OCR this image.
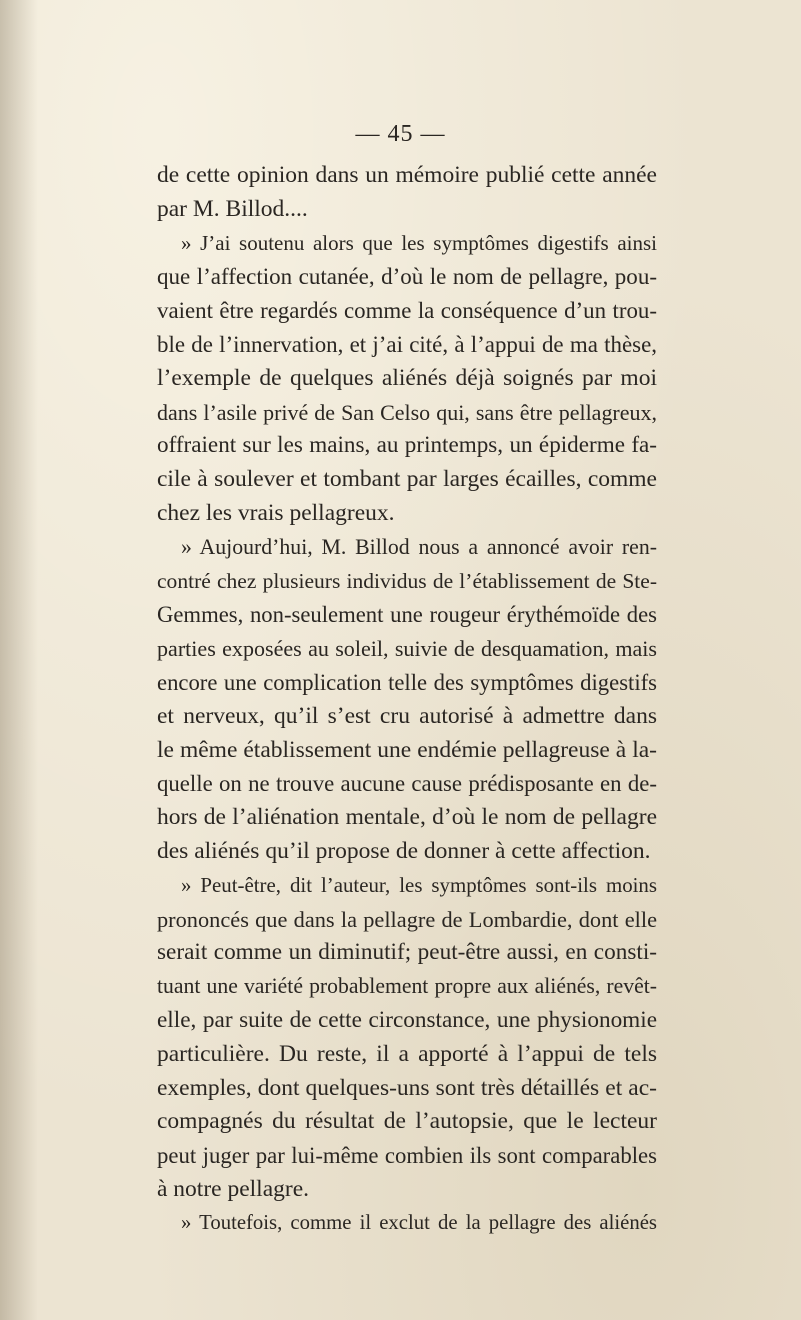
— 45 —
de cette opinion dans un mémoire publié cette année
par M. Billod....
» J’ai soutenu alors que les symptômes digestifs ainsi
que l’affection cutanée, d’où le nom de pellagre, pou-
vaient être regardés comme la conséquence d’un trou-
ble de l’innervation, et j’ai cité, à l’appui de ma thèse,
l’exemple de quelques aliénés déjà soignés par moi
dans l’asile privé de San Celso qui, sans être pellagreux,
offraient sur les mains, au printemps, un épiderme fa-
cile à soulever et tombant par larges écailles, comme
chez les vrais pellagreux.
» Aujourd’hui, M. Billod nous a annoncé avoir ren-
contré chez plusieurs individus de l’établissement de Ste-
Gemmes, non-seulement une rougeur érythémoïde des
parties exposées au soleil, suivie de desquamation, mais
encore une complication telle des symptômes digestifs
et nerveux, qu’il s’est cru autorisé à admettre dans
le même établissement une endémie pellagreuse à la-
quelle on ne trouve aucune cause prédisposante en de-
hors de l’aliénation mentale, d’où le nom de pellagre
des aliénés qu’il propose de donner à cette affection.
» Peut-être, dit l’auteur, les symptômes sont-ils moins
prononcés que dans la pellagre de Lombardie, dont elle
serait comme un diminutif; peut-être aussi, en consti-
tuant une variété probablement propre aux aliénés, revêt-
elle, par suite de cette circonstance, une physionomie
particulière. Du reste, il a apporté à l’appui de tels
exemples, dont quelques-uns sont très détaillés et ac-
compagnés du résultat de l’autopsie, que le lecteur
peut juger par lui-même combien ils sont comparables
à notre pellagre.
» Toutefois, comme il exclut de la pellagre des aliénés
